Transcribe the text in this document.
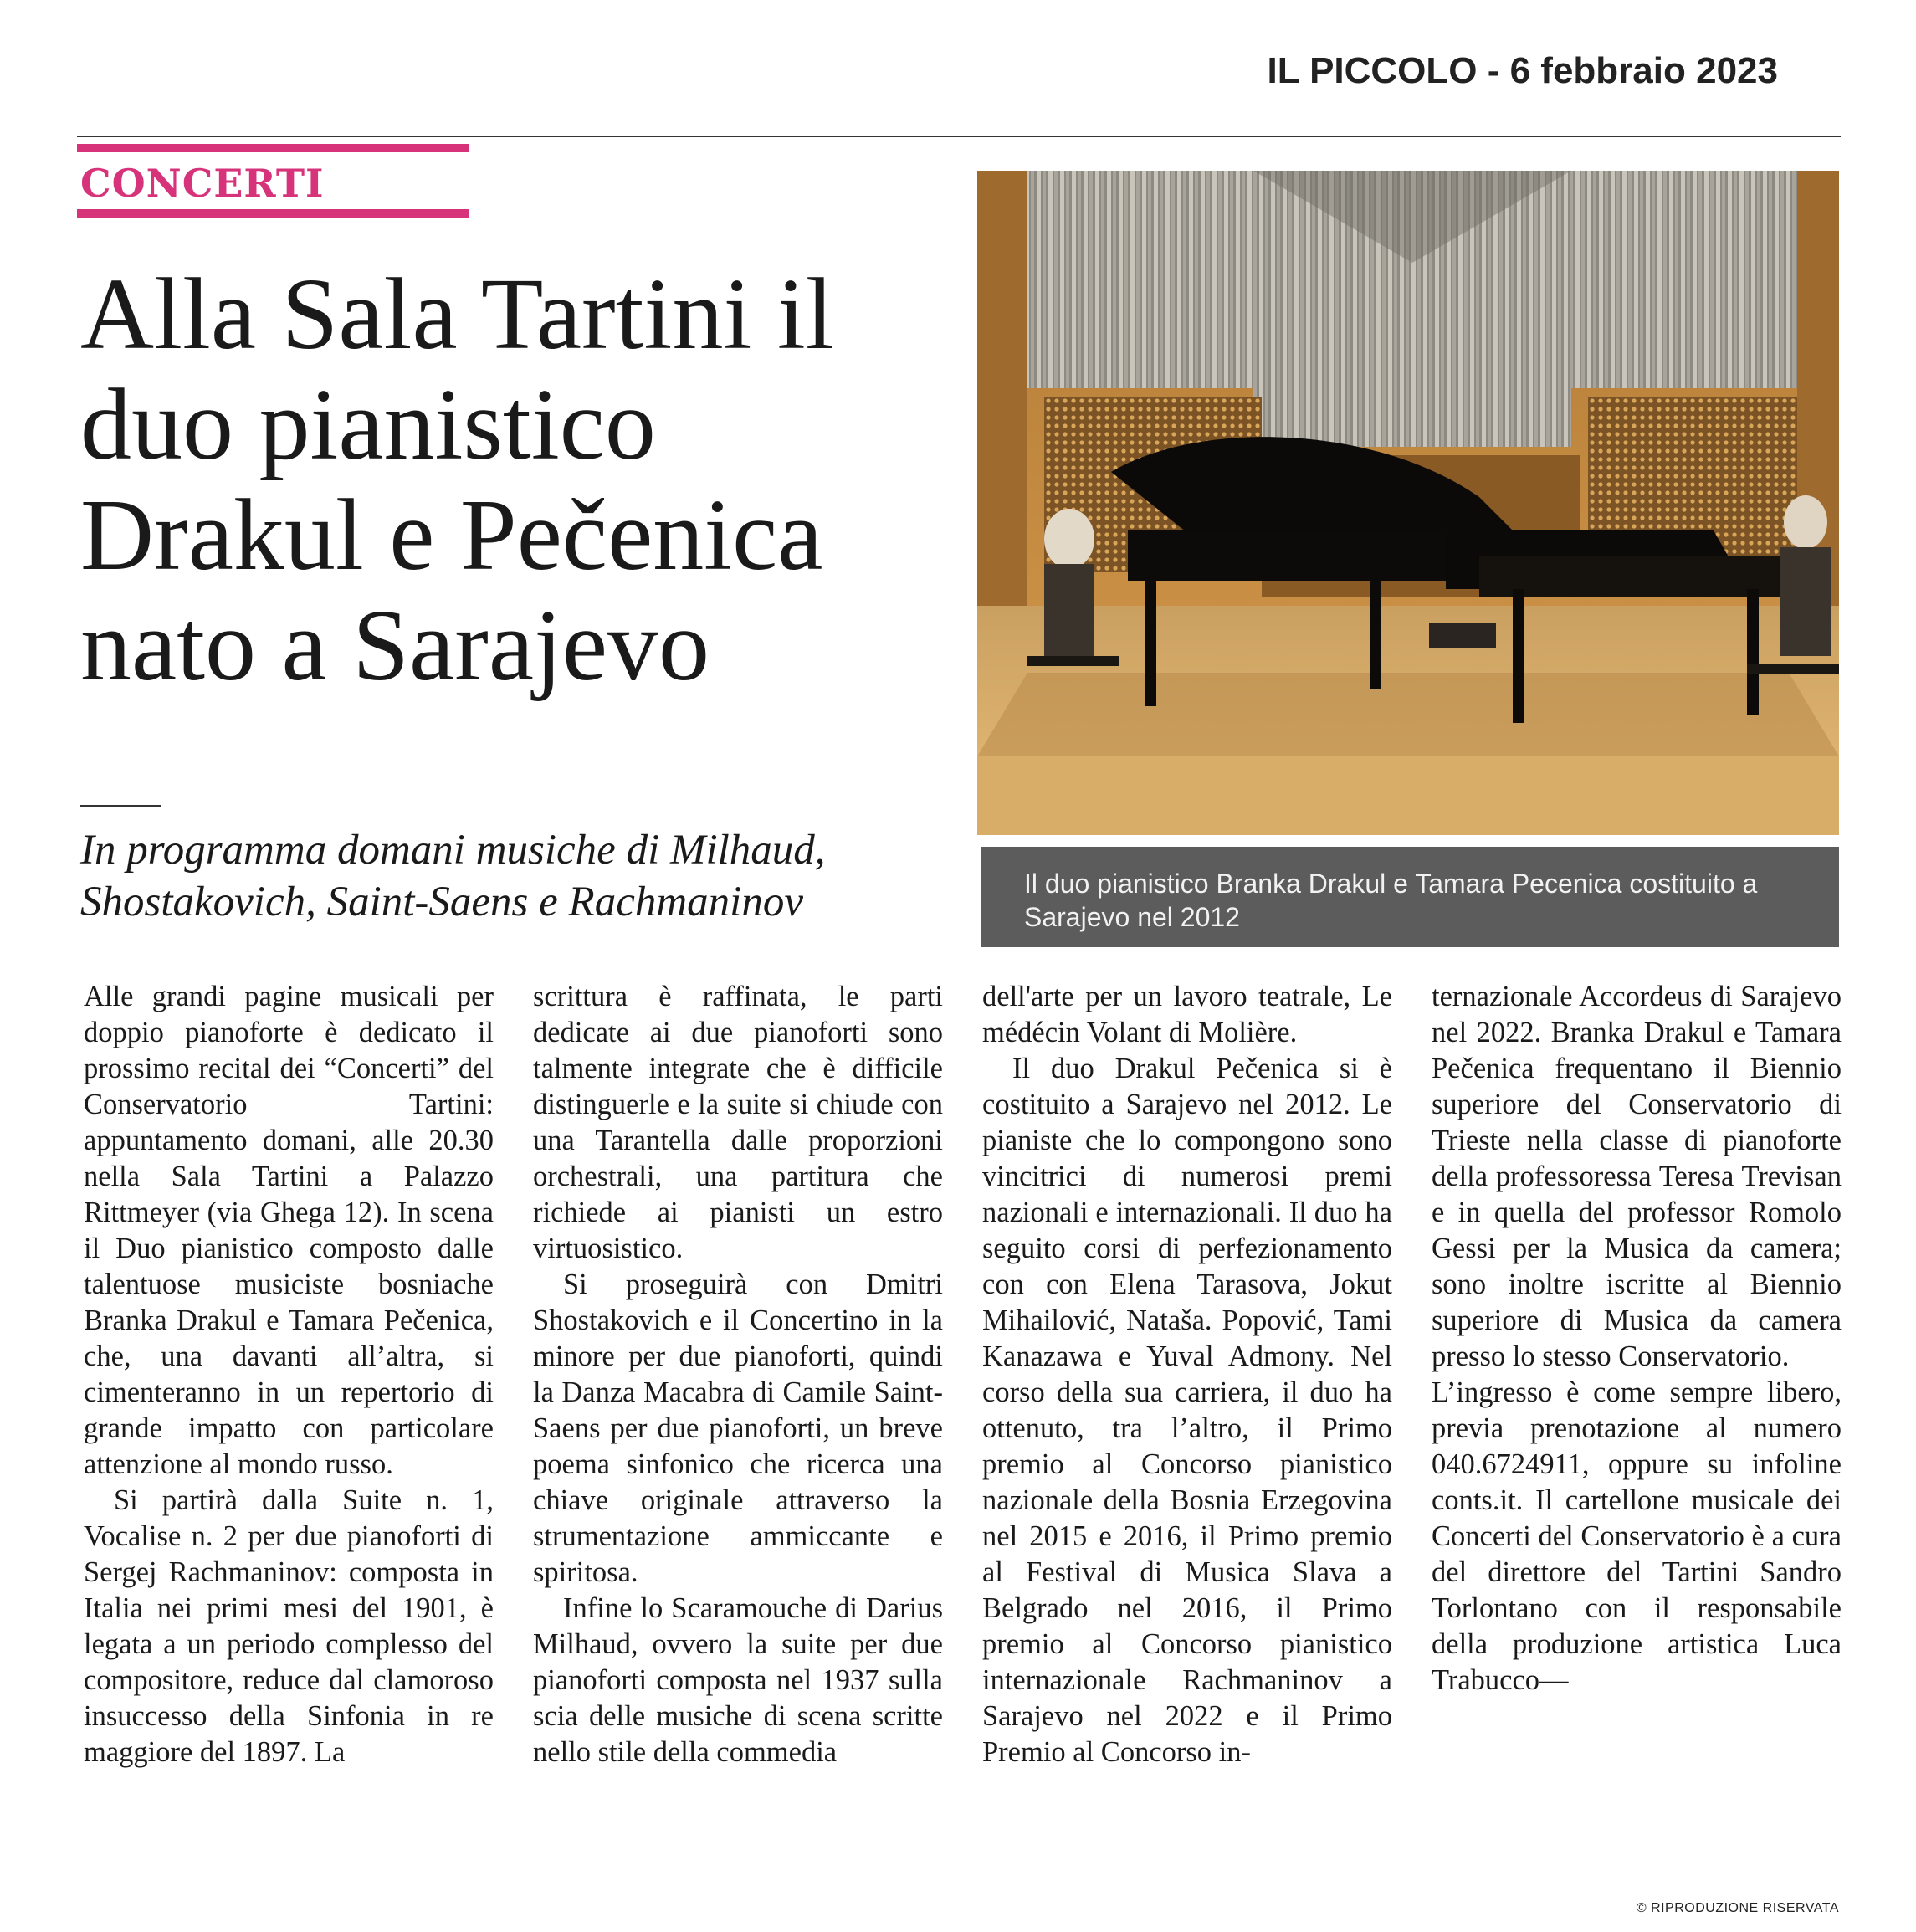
IL PICCOLO - 6 febbraio 2023
CONCERTI
Alla Sala Tartini il duo pianistico Drakul e Pečenica nato a Sarajevo
In programma domani musiche di Milhaud, Shostakovich, Saint-Saens e Rachmaninov	Il duo pianistico Branka Drakul e Tamara Pecenica costituito a Sarajevo nel 2012

Alle grandi pagine musicali per doppio pianoforte è dedicato il prossimo recital dei “Concerti” del Conservatorio Tartini: appuntamento domani, alle 20.30 nella Sala Tartini a Palazzo Rittmeyer (via Ghega 12). In scena il Duo pianistico composto dalle talentuose musiciste bosniache Branka Drakul e Tamara Pečenica, che, una davanti all’altra, si cimenteranno in un repertorio di grande impatto con particolare attenzione al mondo russo.

Si partirà dalla Suite n. 1, Vocalise n. 2 per due pianoforti di Sergej Rachmaninov: composta in Italia nei primi mesi del 1901, è legata a un periodo complesso del compositore, reduce dal clamoroso insuccesso della Sinfonia in re maggiore del 1897. La

scrittura è raffinata, le parti dedicate ai due pianoforti sono talmente integrate che è difficile distinguerle e la suite si chiude con una Tarantella dalle proporzioni orchestrali, una partitura che richiede ai pianisti un estro virtuosistico.

Si proseguirà con Dmitri Shostakovich e il Concertino in la minore per due pianoforti, quindi la Danza Macabra di Camile Saint-Saens per due pianoforti, un breve poema sinfonico che ricerca una chiave originale attraverso la strumentazione ammiccante e spiritosa.

Infine lo Scaramouche di Darius Milhaud, ovvero la suite per due pianoforti composta nel 1937 sulla scia delle musiche di scena scritte nello stile della commedia

dell'arte per un lavoro teatrale, Le médécin Volant di Molière.

Il duo Drakul Pečenica si è costituito a Sarajevo nel 2012. Le pianiste che lo compongono sono vincitrici di numerosi premi nazionali e internazionali. Il duo ha seguito corsi di perfezionamento con con Elena Tarasova, Jokut Mihailović, Nataša. Popović, Tami Kanazawa e Yuval Admony. Nel corso della sua carriera, il duo ha ottenuto, tra l’altro, il Primo premio al Concorso pianistico nazionale della Bosnia Erzegovina nel 2015 e 2016, il Primo premio al Festival di Musica Slava a Belgrado nel 2016, il Primo premio al Concorso pianistico internazionale Rachmaninov a Sarajevo nel 2022 e il Primo Premio al Concorso in-

ternazionale Accordeus di Sarajevo nel 2022. Branka Drakul e Tamara Pečenica frequentano il Biennio superiore del Conservatorio di Trieste nella classe di pianoforte della professoressa Teresa Trevisan e in quella del professor Romolo Gessi per la Musica da camera; sono inoltre iscritte al Biennio superiore di Musica da camera presso lo stesso Conservatorio.

L’ingresso è come sempre libero, previa prenotazione al numero 040.6724911, oppure su infoline conts.it. Il cartellone musicale dei Concerti del Conservatorio è a cura del direttore del Tartini Sandro Torlontano con il responsabile della produzione artistica Luca Trabucco—

© RIPRODUZIONE RISERVATA
